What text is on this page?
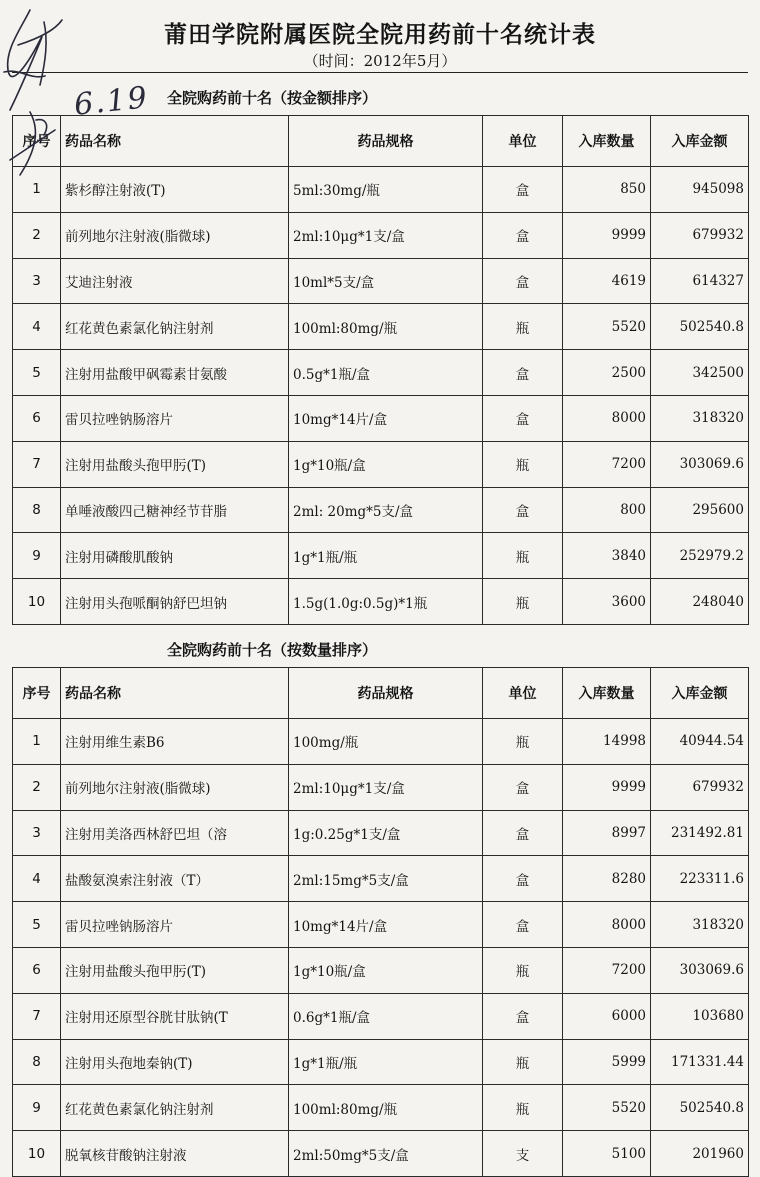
莆田学院附属医院全院用药前十名统计表
（时间：2012年5月）
全院购药前十名（按金额排序）
序号	药品名称	药品规格	单位	入库数量	入库金额
1	紫杉醇注射液(T)	5ml:30mg/瓶	盒	850	945098
2	前列地尔注射液(脂微球)	2ml:10μg*1支/盒	盒	9999	679932
3	艾迪注射液	10ml*5支/盒	盒	4619	614327
4	红花黄色素氯化钠注射剂	100ml:80mg/瓶	瓶	5520	502540.8
5	注射用盐酸甲砜霉素甘氨酸	0.5g*1瓶/盒	盒	2500	342500
6	雷贝拉唑钠肠溶片	10mg*14片/盒	盒	8000	318320
7	注射用盐酸头孢甲肟(T)	1g*10瓶/盒	瓶	7200	303069.6
8	单唾液酸四己糖神经节苷脂	2ml: 20mg*5支/盒	盒	800	295600
9	注射用磷酸肌酸钠	1g*1瓶/瓶	瓶	3840	252979.2
10	注射用头孢哌酮钠舒巴坦钠	1.5g(1.0g:0.5g)*1瓶	瓶	3600	248040
全院购药前十名（按数量排序）
序号	药品名称	药品规格	单位	入库数量	入库金额
1	注射用维生素B6	100mg/瓶	瓶	14998	40944.54
2	前列地尔注射液(脂微球)	2ml:10μg*1支/盒	盒	9999	679932
3	注射用美洛西林舒巴坦（溶	1g:0.25g*1支/盒	盒	8997	231492.81
4	盐酸氨溴索注射液（T）	2ml:15mg*5支/盒	盒	8280	223311.6
5	雷贝拉唑钠肠溶片	10mg*14片/盒	盒	8000	318320
6	注射用盐酸头孢甲肟(T)	1g*10瓶/盒	瓶	7200	303069.6
7	注射用还原型谷胱甘肽钠(T	0.6g*1瓶/盒	盒	6000	103680
8	注射用头孢地秦钠(T)	1g*1瓶/瓶	瓶	5999	171331.44
9	红花黄色素氯化钠注射剂	100ml:80mg/瓶	瓶	5520	502540.8
10	脱氧核苷酸钠注射液	2ml:50mg*5支/盒	支	5100	201960
6.19
